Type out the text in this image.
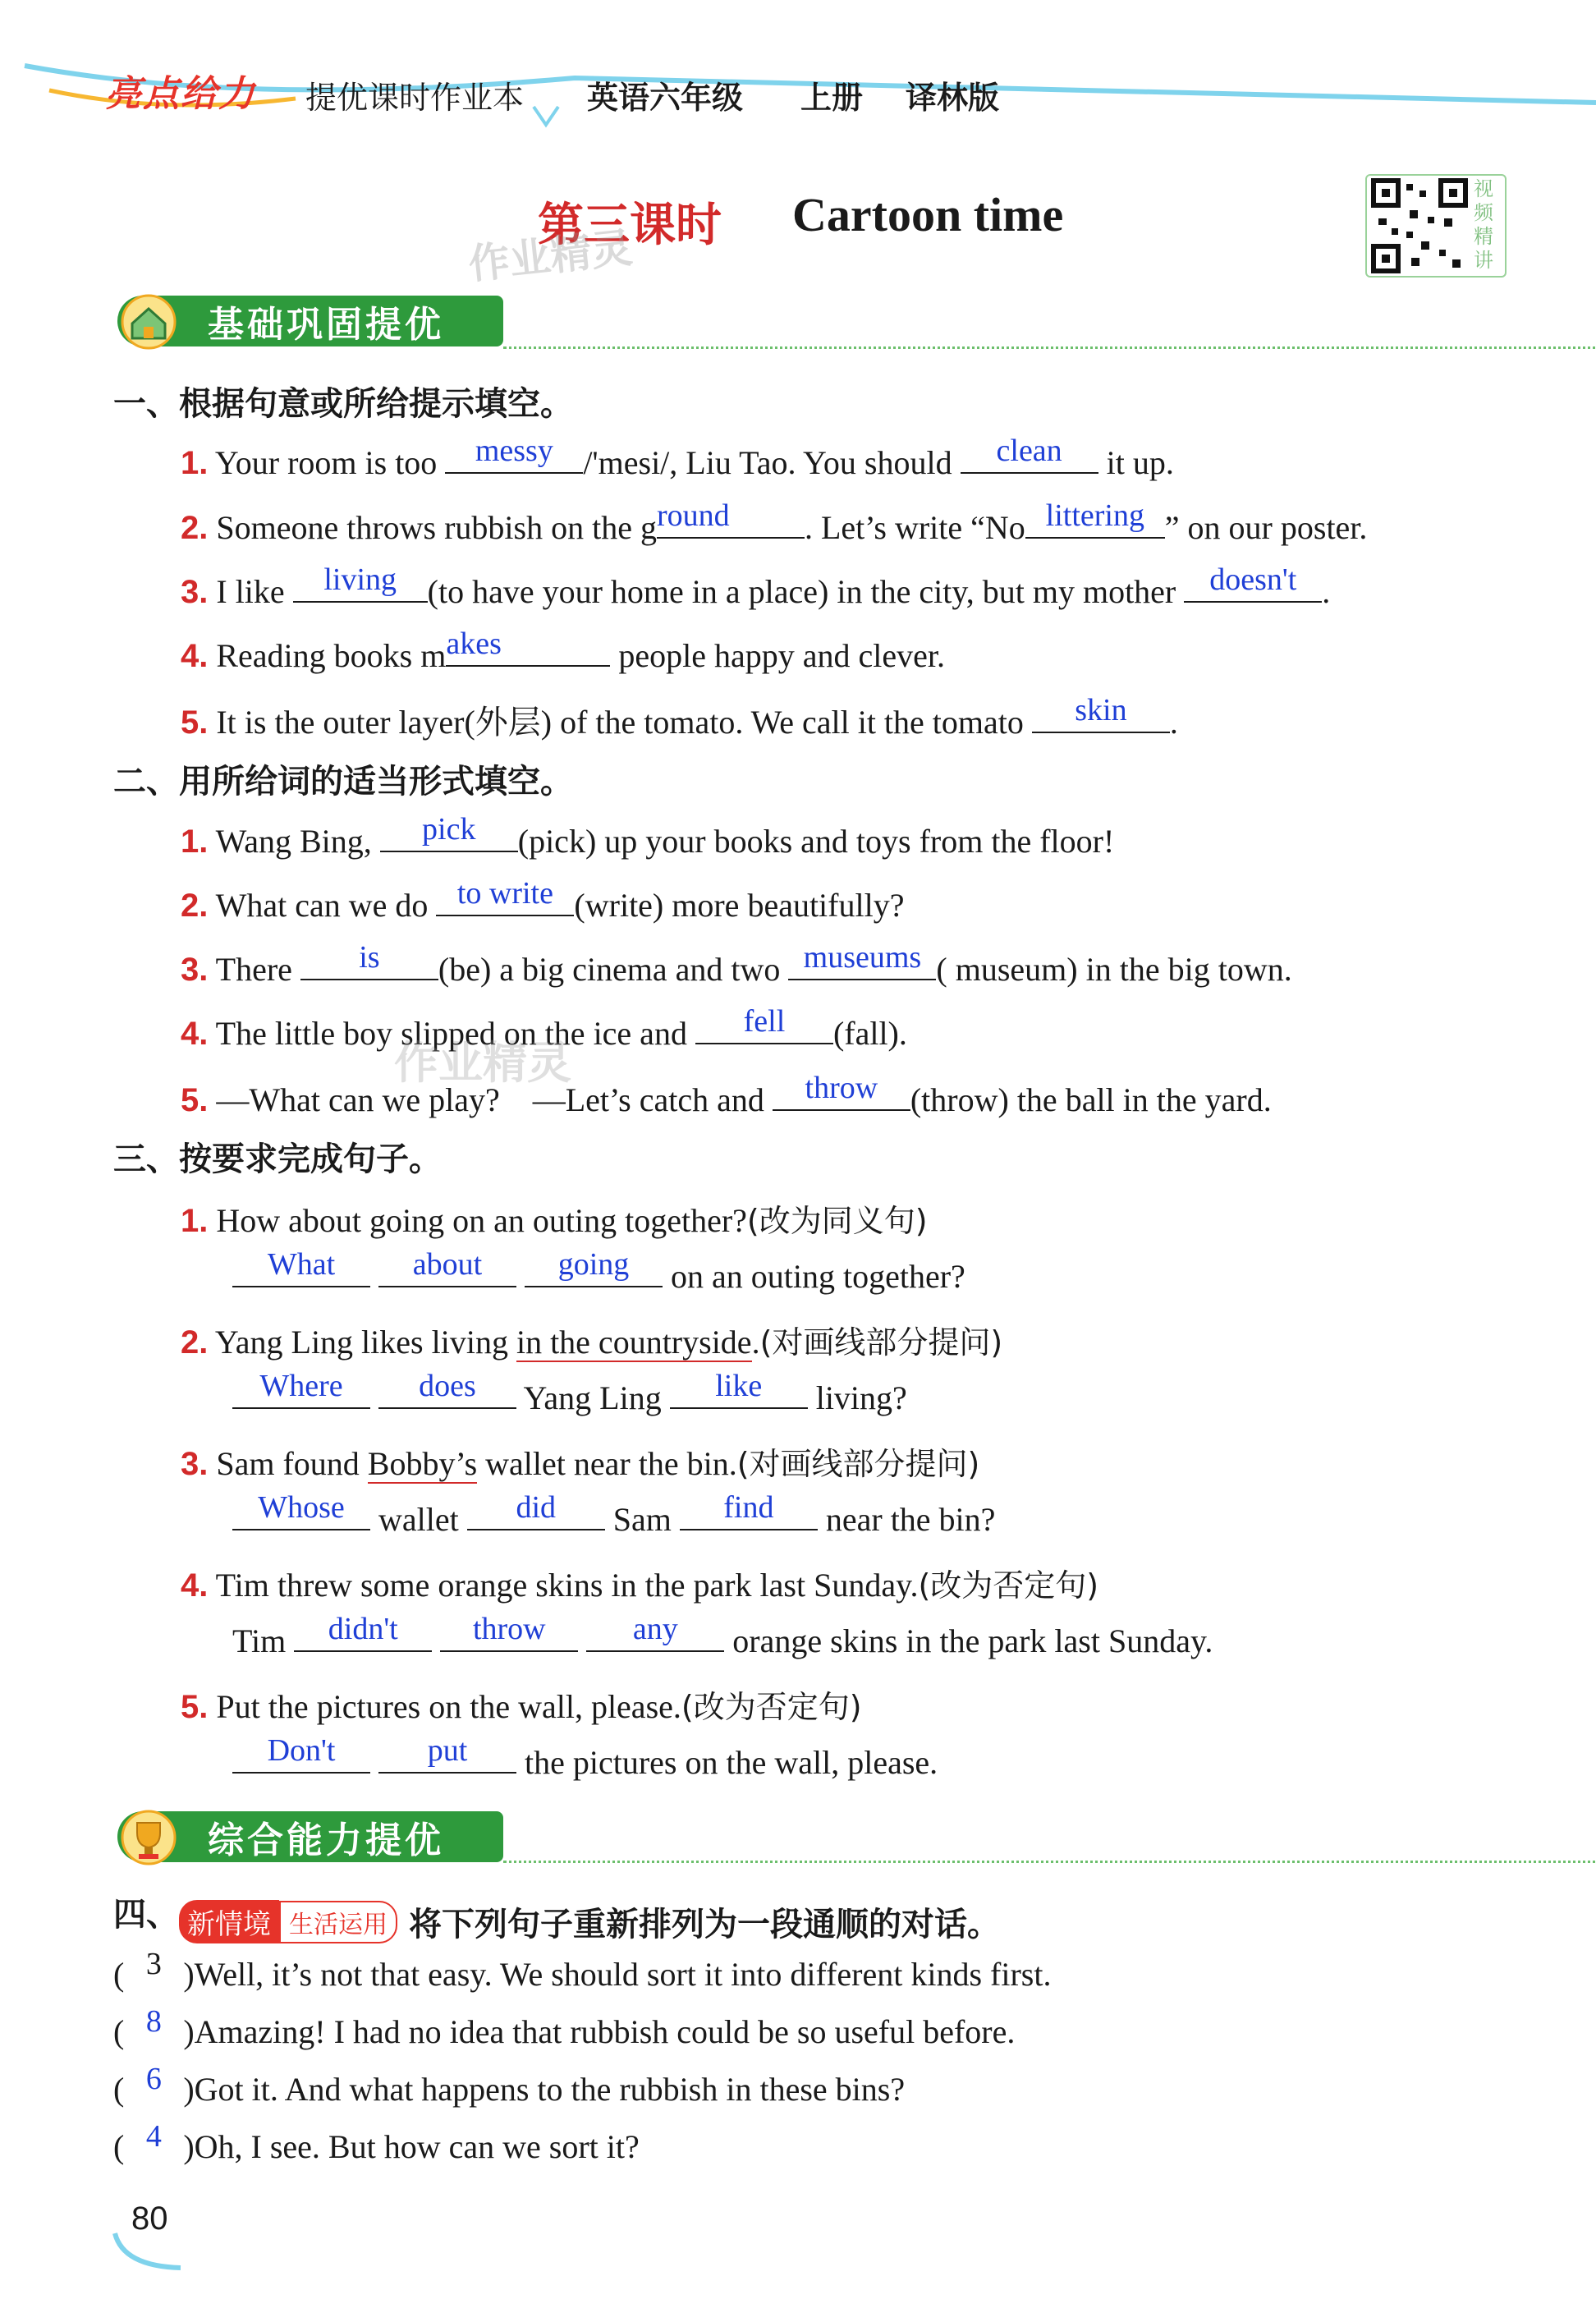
亮点给力 提优课时作业本 英语六年级 上册 译林版
第三课时 Cartoon time
作业精灵
视频精讲
基础巩固提优
一、根据句意或所给提示填空。
1. Your room is too	messy /'mesi/, Liu Tao. You should	clean	it up.
2. Someone throws rubbish on the g round	. Let’s write “No littering ” on our poster.
3. I like	living (to have your home in a place) in the city, but my mother	doesn't .
4. Reading books m akes	people happy and clever.
5. It is the outer layer(外层) of the tomato. We call it the tomato	skin	.
二、用所给词的适当形式填空。
1. Wang Bing,	pick	(pick) up your books and toys from the floor!
2. What can we do to write (write) more beautifully?
3. There	is	(be) a big cinema and two museums ( museum) in the big town.
4. The little boy slipped on the ice and	fell	(fall).
作业精灵
5. —What can we play?　—Let’s catch and	throw (throw) the ball in the yard.
三、按要求完成句子。
1. How about going on an outing together?(改为同义句)
What
	about
	going	on an outing together?
2. Yang Ling likes living in the countryside.(对画线部分提问)
Where
	does	Yang Ling	like	living?
3. Sam found Bobby’s wallet near the bin.(对画线部分提问)
Whose	wallet	did	Sam	find	near the bin?
4. Tim threw some orange skins in the park last Sunday.(改为否定句)
Tim	didn't
	throw
	any	orange skins in the park last Sunday.
5. Put the pictures on the wall, please.(改为否定句)
Don't
	put	the pictures on the wall, please.
综合能力提优
四、 新情境 生活运用 将下列句子重新排列为一段通顺的对话。
( 3 )Well, it’s not that easy. We should sort it into different kinds first.
( 8 )Amazing! I had no idea that rubbish could be so useful before.
( 6 )Got it. And what happens to the rubbish in these bins?
( 4 )Oh, I see. But how can we sort it?
80
